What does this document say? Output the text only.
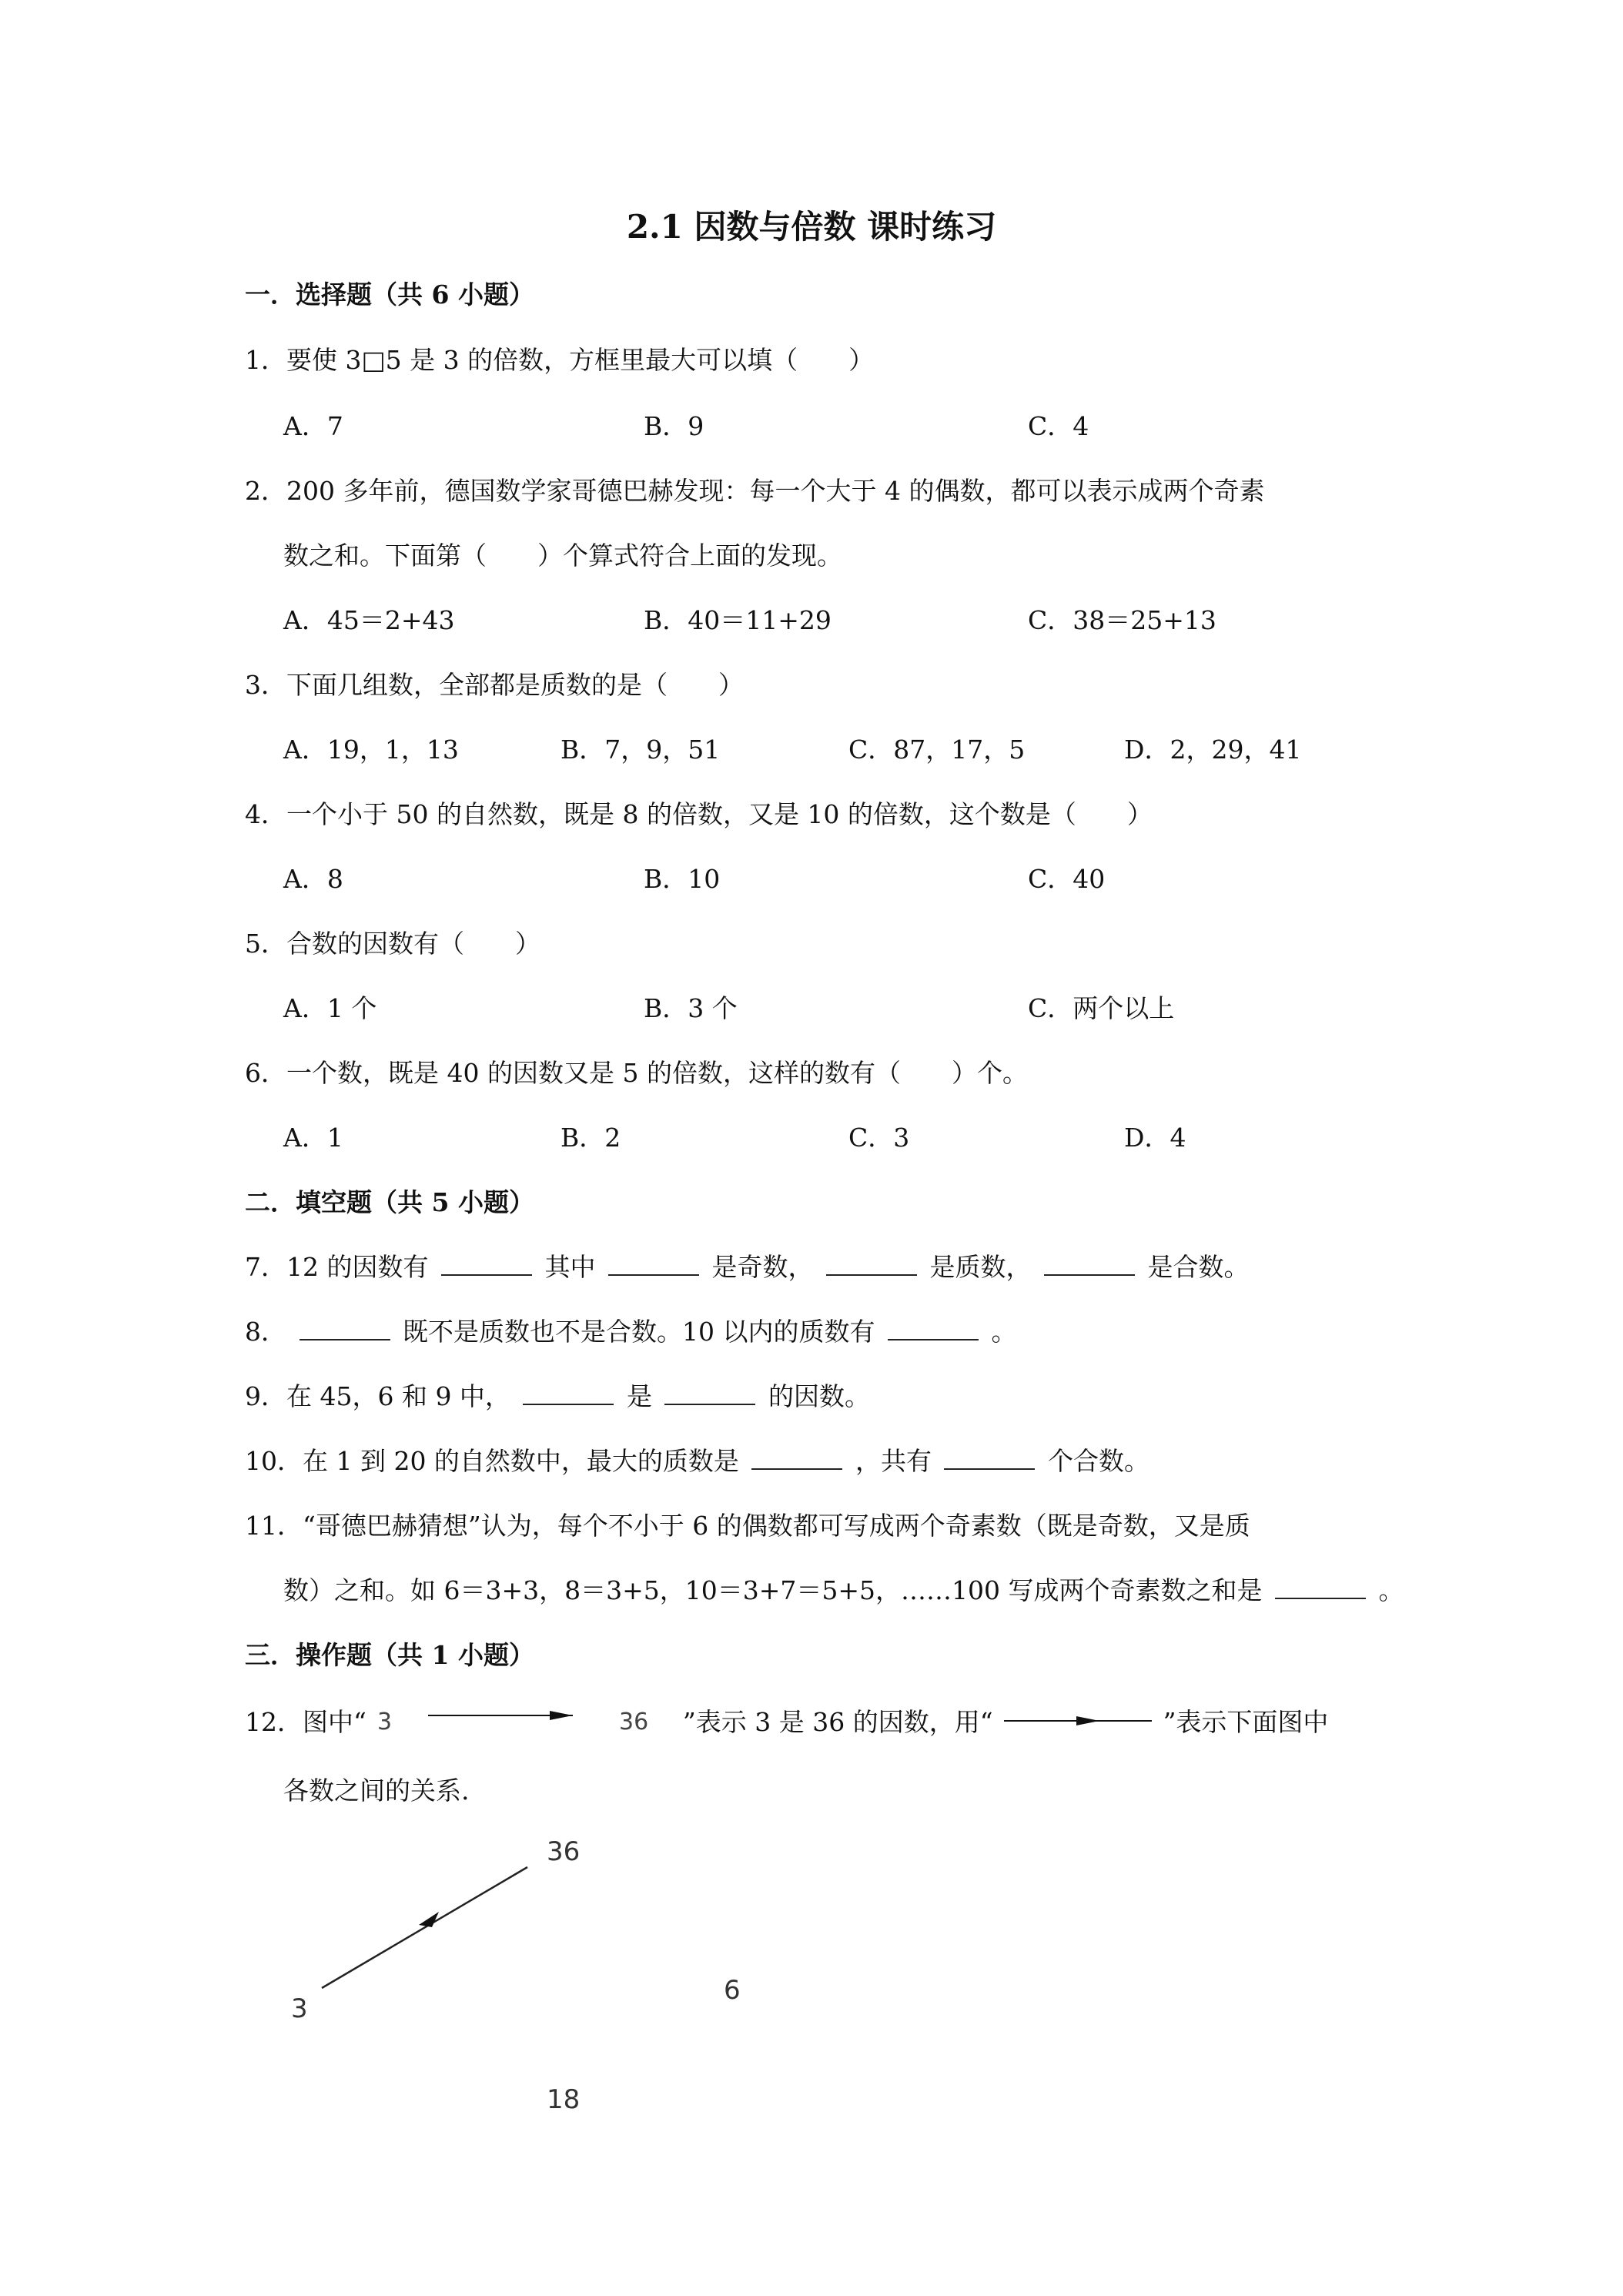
2.1 因数与倍数 课时练习
一．选择题（共 6 小题）
1．要使 3□5 是 3 的倍数，方框里最大可以填（　　）
A．7	B．9	C．4
2．200 多年前，德国数学家哥德巴赫发现：每一个大于 4 的偶数，都可以表示成两个奇素
数之和。下面第（　　）个算式符合上面的发现。
A．45＝2+43	B．40＝11+29	C．38＝25+13
3．下面几组数，全部都是质数的是（　　）
A．19，1，13	B．7，9，51	C．87，17，5	D．2，29，41
4．一个小于 50 的自然数，既是 8 的倍数，又是 10 的倍数，这个数是（　　）
A．8	B．10	C．40
5．合数的因数有（　　）
A．1 个	B．3 个	C．两个以上
6．一个数，既是 40 的因数又是 5 的倍数，这样的数有（　　）个。
A．1	B．2	C．3	D．4
二．填空题（共 5 小题）
7．12 的因数有	其中	是奇数，	是质数，	是合数。
8．	既不是质数也不是合数。10 以内的质数有	。
9．在 45，6 和 9 中，	是	的因数。
10．在 1 到 20 的自然数中，最大的质数是	，共有	个合数。
11．“哥德巴赫猜想”认为，每个不小于 6 的偶数都可写成两个奇素数（既是奇数，又是质
数）之和。如 6＝3+3，8＝3+5，10＝3+7＝5+5，……100 写成两个奇素数之和是	。
三．操作题（共 1 小题）
12．图中“ 3	36 ”表示 3 是 36 的因数，用“	”表示下面图中
各数之间的关系.
36
3
6
18
